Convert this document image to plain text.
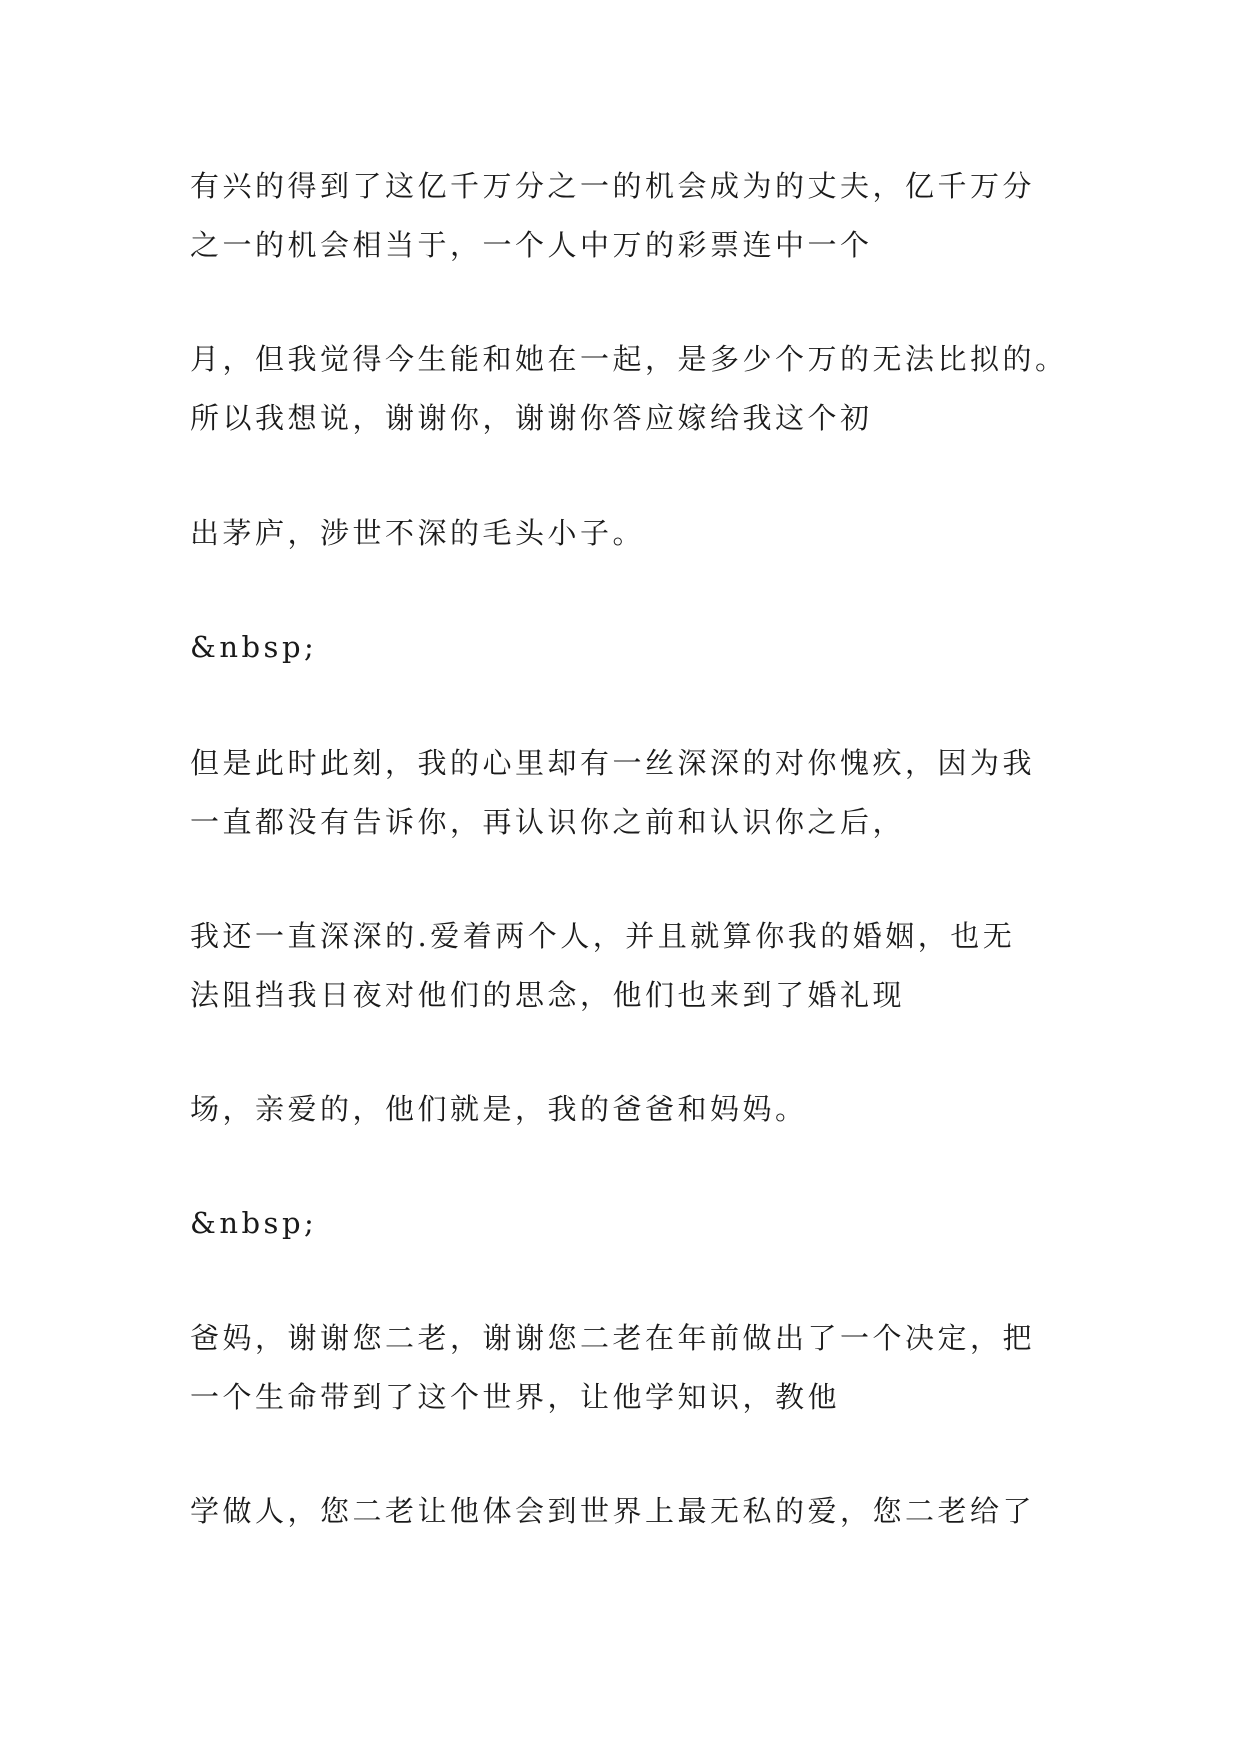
有兴的得到了这亿千万分之一的机会成为的丈夫，亿千万分

之一的机会相当于，一个人中万的彩票连中一个

月，但我觉得今生能和她在一起，是多少个万的无法比拟的。

所以我想说，谢谢你，谢谢你答应嫁给我这个初

出茅庐，涉世不深的毛头小子。

&nbsp;

但是此时此刻，我的心里却有一丝深深的对你愧疚，因为我

一直都没有告诉你，再认识你之前和认识你之后，

我还一直深深的.爱着两个人，并且就算你我的婚姻，也无

法阻挡我日夜对他们的思念，他们也来到了婚礼现

场，亲爱的，他们就是，我的爸爸和妈妈。

&nbsp;

爸妈，谢谢您二老，谢谢您二老在年前做出了一个决定，把

一个生命带到了这个世界，让他学知识，教他

学做人，您二老让他体会到世界上最无私的爱，您二老给了
